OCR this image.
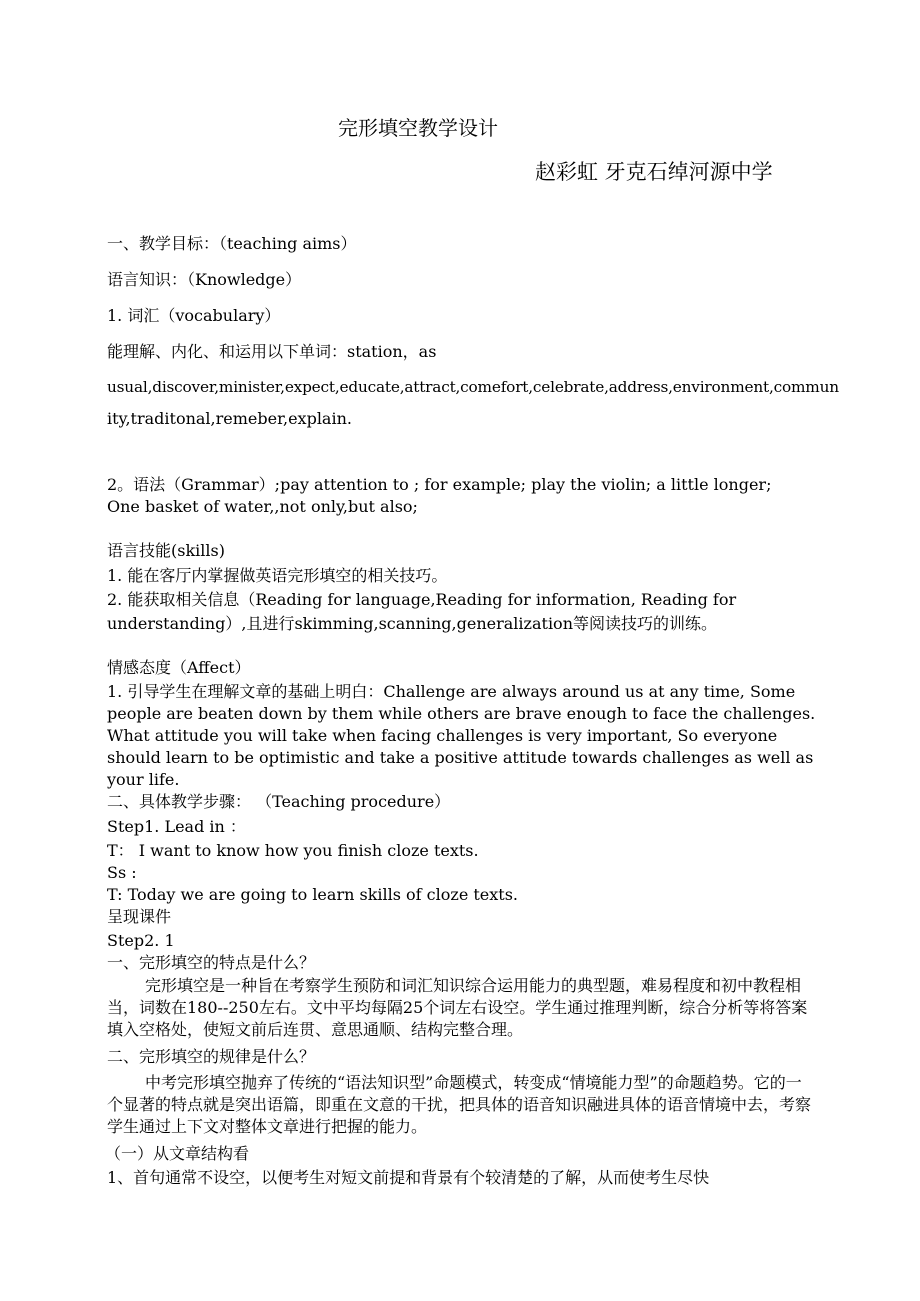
完形填空教学设计
赵彩虹 牙克石绰河源中学
一、教学目标：（teaching aims）
语言知识：（Knowledge）
1. 词汇（vocabulary）
能理解、内化、和运用以下单词：station，as
usual,discover,minister,expect,educate,attract,comefort,celebrate,address,environment,commun
ity,traditonal,remeber,explain.
2。语法（Grammar）;pay attention to ; for example; play the violin; a little longer;
One basket of water,,not only,but also;
语言技能(skills)
1. 能在客厅内掌握做英语完形填空的相关技巧。
2. 能获取相关信息（Reading for language,Reading for information, Reading for understanding）,且进行skimming,scanning,generalization等阅读技巧的训练。
情感态度（Affect）
1. 引导学生在理解文章的基础上明白：Challenge are always around us at any time, Some people are beaten down by them while others are brave enough to face the challenges. What attitude you will take when facing challenges is very important, So everyone should learn to be optimistic and take a positive attitude towards challenges as well as your life.
二、具体教学步骤： （Teaching procedure）
Step1. Lead in ：
T： I want to know how you finish cloze texts.
Ss :
T: Today we are going to learn skills of cloze texts.
呈现课件
Step2. 1
一、完形填空的特点是什么？
完形填空是一种旨在考察学生预防和词汇知识综合运用能力的典型题，难易程度和初中教程相当，词数在180--250左右。文中平均每隔25个词左右设空。学生通过推理判断，综合分析等将答案填入空格处，使短文前后连贯、意思通顺、结构完整合理。
二、完形填空的规律是什么？
中考完形填空抛弃了传统的“语法知识型”命题模式，转变成“情境能力型”的命题趋势。它的一个显著的特点就是突出语篇，即重在文意的干扰，把具体的语音知识融进具体的语音情境中去，考察学生通过上下文对整体文章进行把握的能力。
（一）从文章结构看
1、首句通常不设空，以便考生对短文前提和背景有个较清楚的了解，从而使考生尽快
